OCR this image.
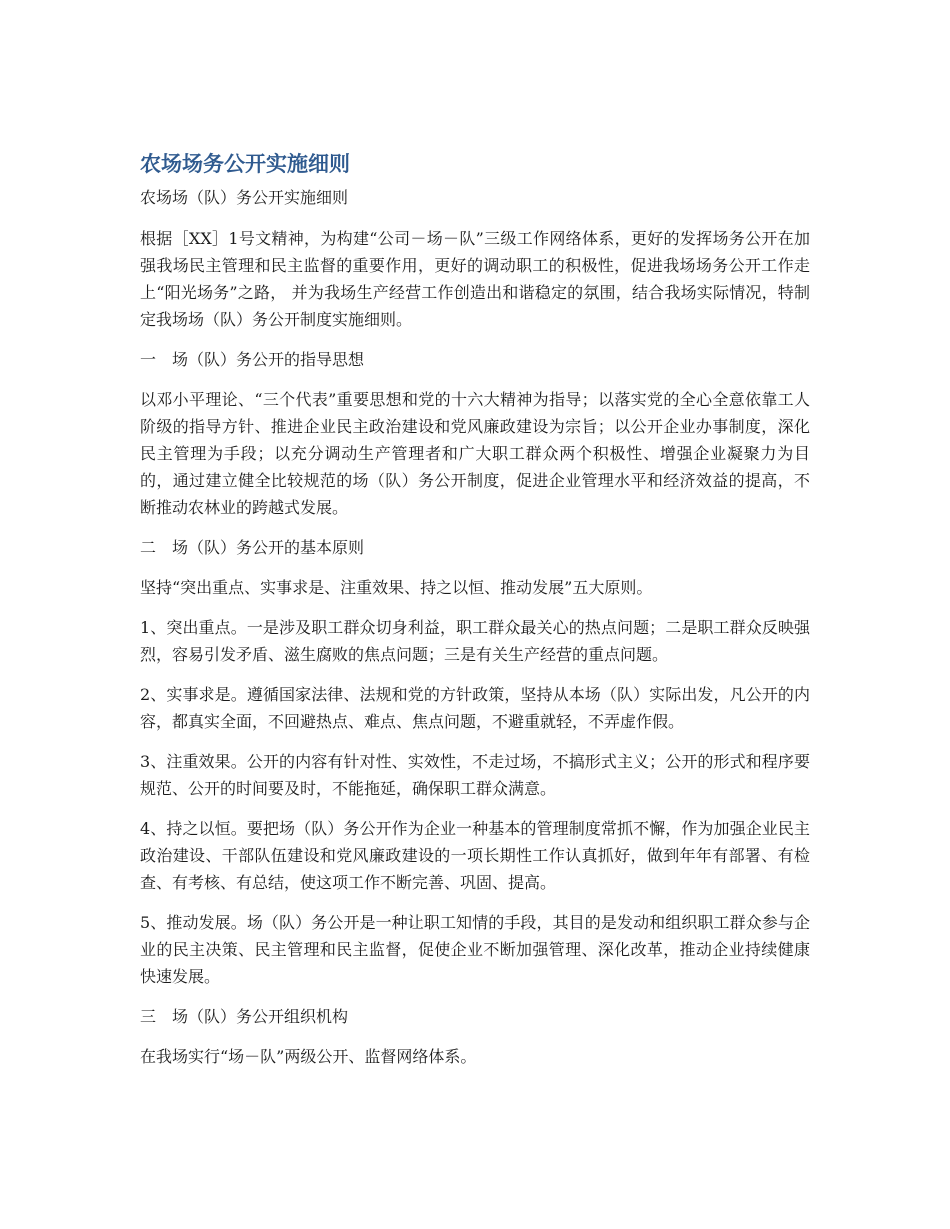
农场场务公开实施细则

农场场（队）务公开实施细则

根据［XX］1号文精神，为构建“公司－场－队”三级工作网络体系，更好的发挥场务公开在加强我场民主管理和民主监督的重要作用，更好的调动职工的积极性，促进我场场务公开工作走上“阳光场务”之路， 并为我场生产经营工作创造出和谐稳定的氛围，结合我场实际情况，特制定我场场（队）务公开制度实施细则。

一　场（队）务公开的指导思想

以邓小平理论、“三个代表”重要思想和党的十六大精神为指导；以落实党的全心全意依靠工人阶级的指导方针、推进企业民主政治建设和党风廉政建设为宗旨；以公开企业办事制度，深化民主管理为手段；以充分调动生产管理者和广大职工群众两个积极性、增强企业凝聚力为目的，通过建立健全比较规范的场（队）务公开制度，促进企业管理水平和经济效益的提高，不断推动农林业的跨越式发展。

二　场（队）务公开的基本原则

坚持“突出重点、实事求是、注重效果、持之以恒、推动发展”五大原则。

1、突出重点。一是涉及职工群众切身利益，职工群众最关心的热点问题；二是职工群众反映强烈，容易引发矛盾、滋生腐败的焦点问题；三是有关生产经营的重点问题。

2、实事求是。遵循国家法律、法规和党的方针政策，坚持从本场（队）实际出发，凡公开的内容，都真实全面，不回避热点、难点、焦点问题，不避重就轻，不弄虚作假。

3、注重效果。公开的内容有针对性、实效性，不走过场，不搞形式主义；公开的形式和程序要规范、公开的时间要及时，不能拖延，确保职工群众满意。

4、持之以恒。要把场（队）务公开作为企业一种基本的管理制度常抓不懈，作为加强企业民主政治建设、干部队伍建设和党风廉政建设的一项长期性工作认真抓好，做到年年有部署、有检查、有考核、有总结，使这项工作不断完善、巩固、提高。

5、推动发展。场（队）务公开是一种让职工知情的手段，其目的是发动和组织职工群众参与企业的民主决策、民主管理和民主监督，促使企业不断加强管理、深化改革，推动企业持续健康快速发展。

三　场（队）务公开组织机构

在我场实行“场－队”两级公开、监督网络体系。
